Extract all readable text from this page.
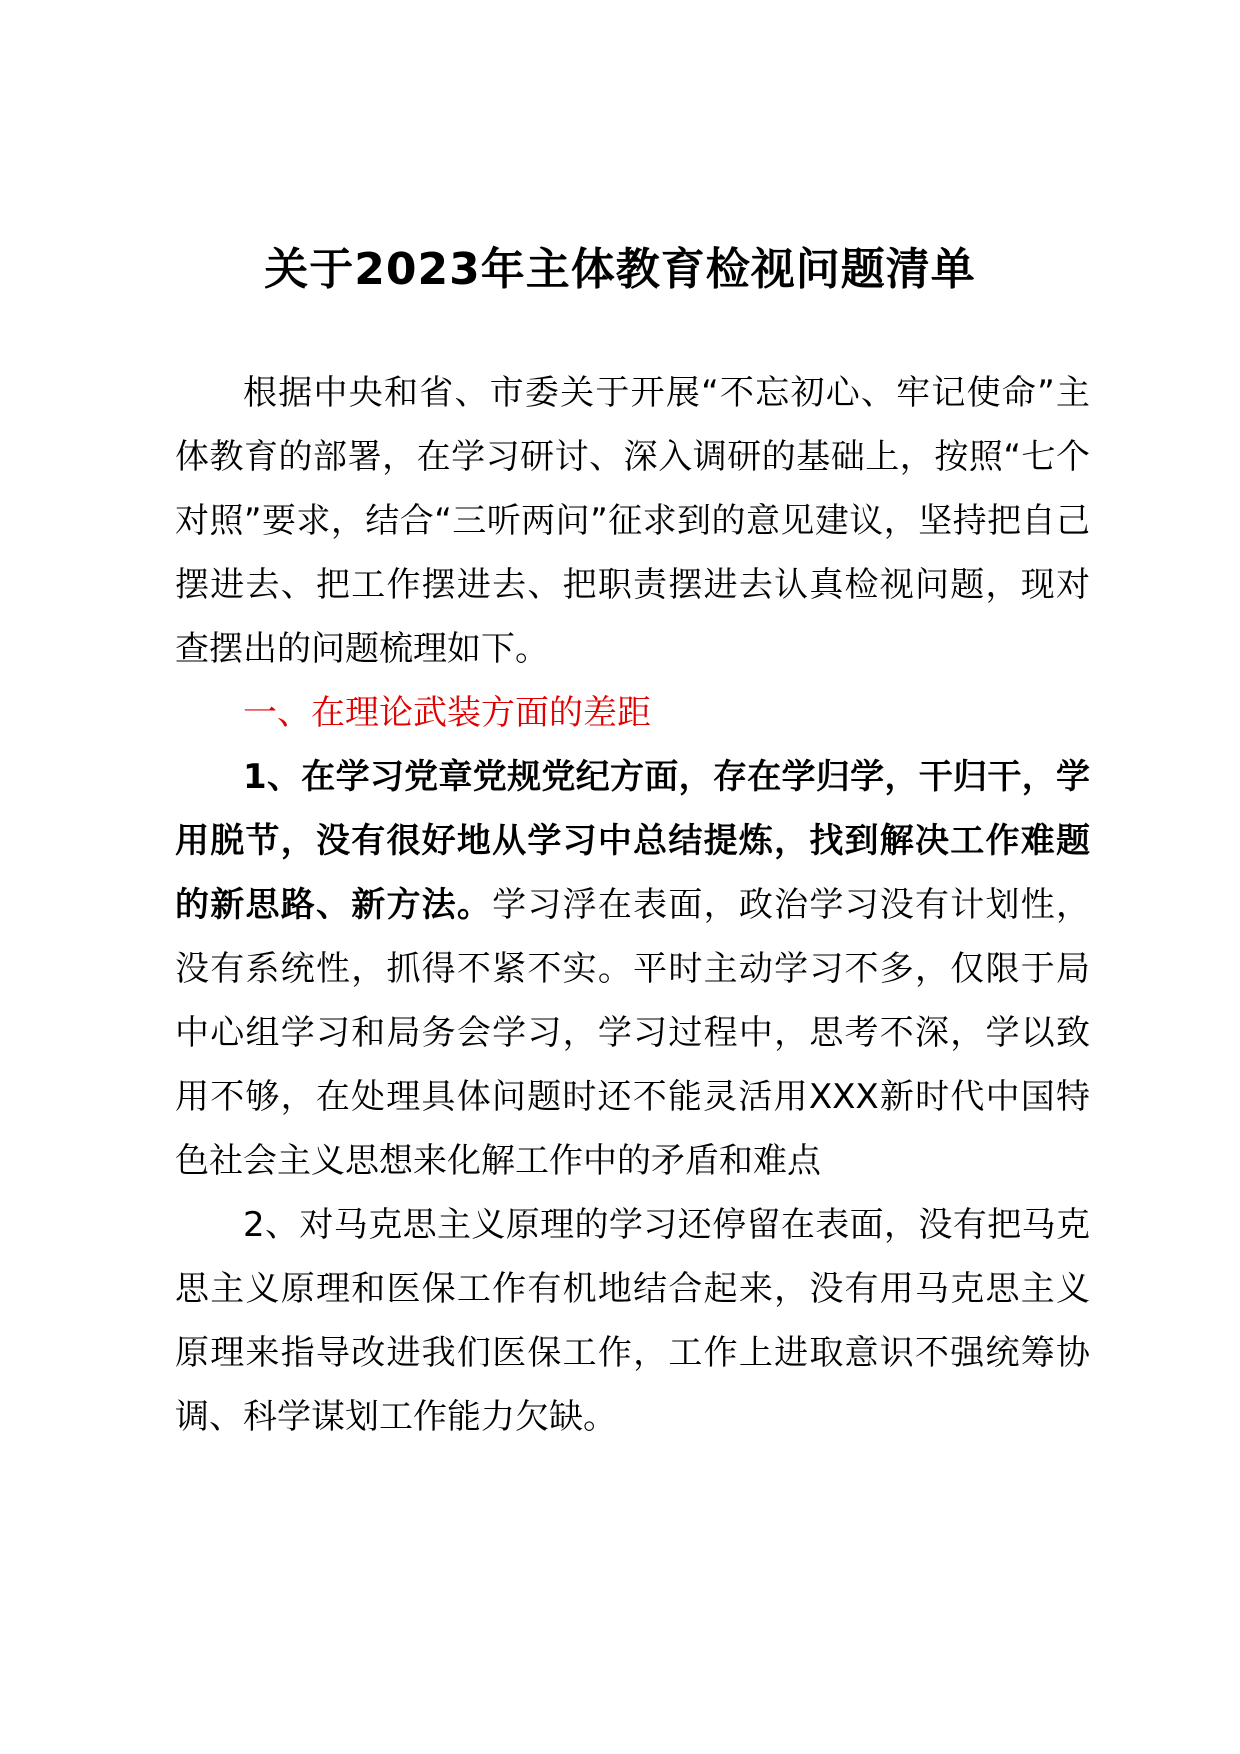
关于2023年主体教育检视问题清单

根据中央和省、市委关于开展“不忘初心、牢记使命”主体教育的部署，在学习研讨、深入调研的基础上，按照“七个对照”要求，结合“三听两问”征求到的意见建议，坚持把自己摆进去、把工作摆进去、把职责摆进去认真检视问题，现对查摆出的问题梳理如下。

一、在理论武装方面的差距

1、在学习党章党规党纪方面，存在学归学，干归干，学用脱节，没有很好地从学习中总结提炼，找到解决工作难题的新思路、新方法。学习浮在表面，政治学习没有计划性，没有系统性，抓得不紧不实。平时主动学习不多，仅限于局中心组学习和局务会学习，学习过程中，思考不深，学以致用不够，在处理具体问题时还不能灵活用XXX新时代中国特色社会主义思想来化解工作中的矛盾和难点

2、对马克思主义原理的学习还停留在表面，没有把马克思主义原理和医保工作有机地结合起来，没有用马克思主义原理来指导改进我们医保工作，工作上进取意识不强统筹协调、科学谋划工作能力欠缺。
